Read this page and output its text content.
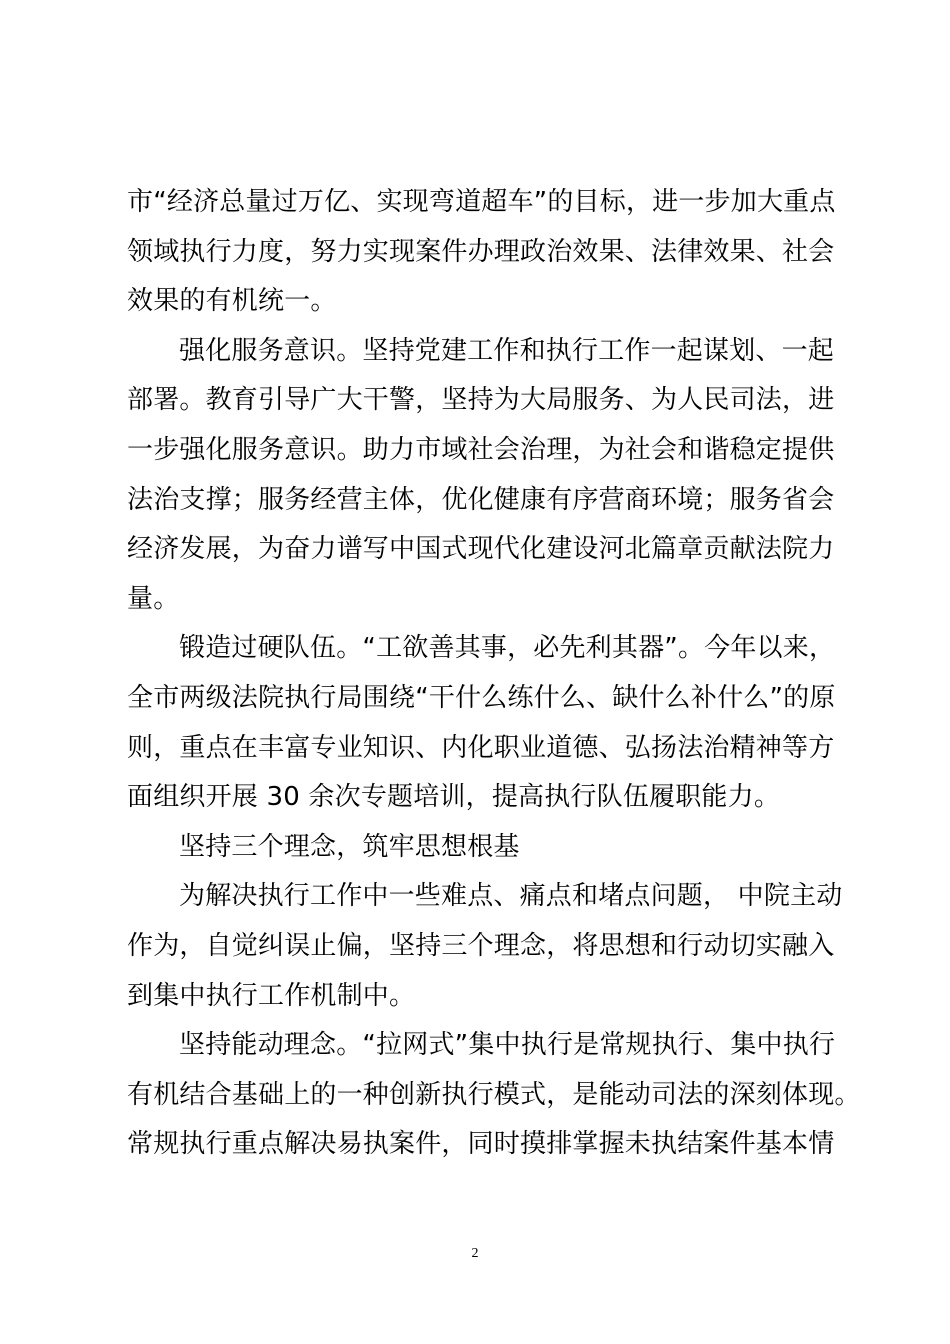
市“经济总量过万亿、实现弯道超车”的目标，进一步加大重点
领域执行力度，努力实现案件办理政治效果、法律效果、社会
效果的有机统一。
强化服务意识。坚持党建工作和执行工作一起谋划、一起
部署。教育引导广大干警，坚持为大局服务、为人民司法，进
一步强化服务意识。助力市域社会治理，为社会和谐稳定提供
法治支撑；服务经营主体，优化健康有序营商环境；服务省会
经济发展，为奋力谱写中国式现代化建设河北篇章贡献法院力
量。
锻造过硬队伍。“工欲善其事，必先利其器”。今年以来，
全市两级法院执行局围绕“干什么练什么、缺什么补什么”的原
则，重点在丰富专业知识、内化职业道德、弘扬法治精神等方
面组织开展 30 余次专题培训，提高执行队伍履职能力。
坚持三个理念，筑牢思想根基
为解决执行工作中一些难点、痛点和堵点问题， 中院主动
作为，自觉纠误止偏，坚持三个理念，将思想和行动切实融入
到集中执行工作机制中。
坚持能动理念。“拉网式”集中执行是常规执行、集中执行
有机结合基础上的一种创新执行模式，是能动司法的深刻体现。
常规执行重点解决易执案件，同时摸排掌握未执结案件基本情
2
